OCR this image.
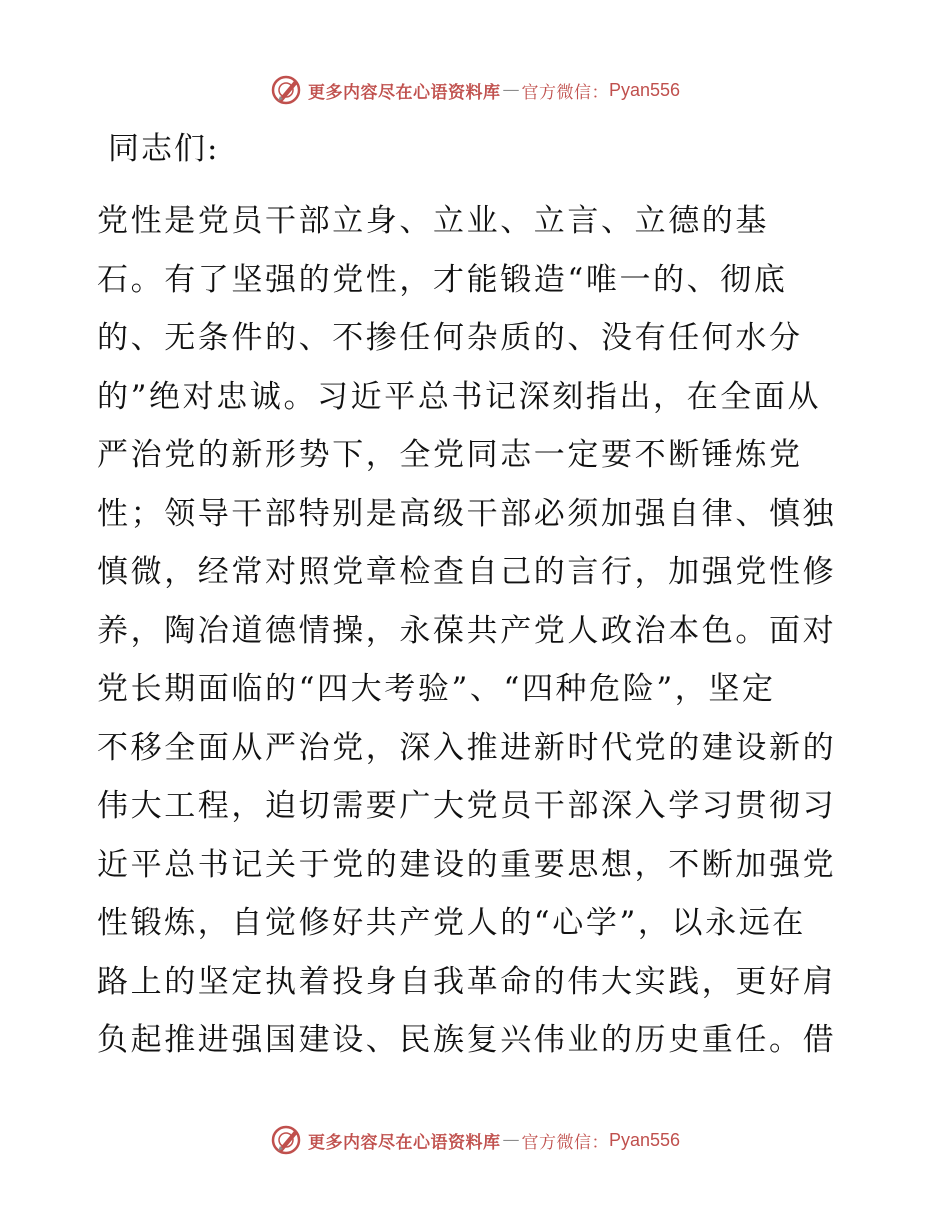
更多内容尽在心语资料库 — 官方微信： Pyan556

同志们:

党性是党员干部立身、立业、立言、立德的基

石。有了坚强的党性，才能锻造“唯一的、彻底

的、无条件的、不掺任何杂质的、没有任何水分

的”绝对忠诚。习近平总书记深刻指出，在全面从

严治党的新形势下，全党同志一定要不断锤炼党

性；领导干部特别是高级干部必须加强自律、慎独

慎微，经常对照党章检查自己的言行，加强党性修

养，陶冶道德情操，永葆共产党人政治本色。面对

党长期面临的“四大考验”、“四种危险”，坚定

不移全面从严治党，深入推进新时代党的建设新的

伟大工程，迫切需要广大党员干部深入学习贯彻习

近平总书记关于党的建设的重要思想，不断加强党

性锻炼，自觉修好共产党人的“心学”，以永远在

路上的坚定执着投身自我革命的伟大实践，更好肩

负起推进强国建设、民族复兴伟业的历史重任。借

更多内容尽在心语资料库 — 官方微信： Pyan556
